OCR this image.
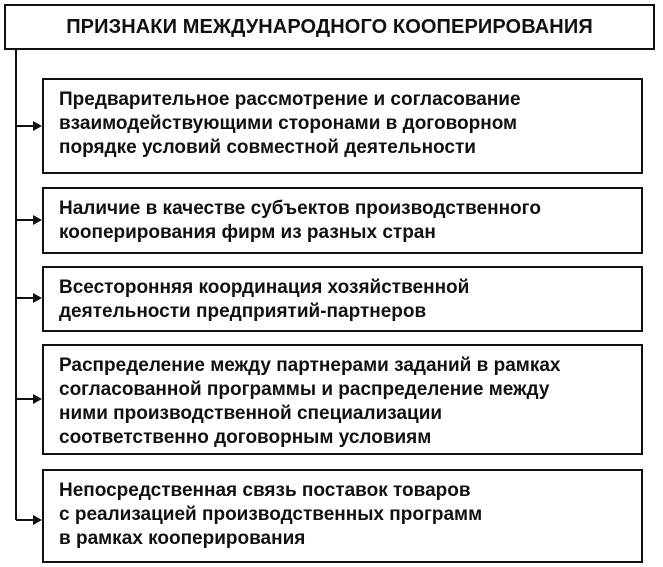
ПРИЗНАКИ МЕЖДУНАРОДНОГО КООПЕРИРОВАНИЯ
Предварительное рассмотрение и согласование
взаимодействующими сторонами в договорном
порядке условий совместной деятельности
Наличие в качестве субъектов производственного
кооперирования фирм из разных стран
Всесторонняя координация хозяйственной
деятельности предприятий-партнеров
Распределение между партнерами заданий в рамках
согласованной программы и распределение между
ними производственной специализации
соответственно договорным условиям
Непосредственная связь поставок товаров
с реализацией производственных программ
в рамках кооперирования
